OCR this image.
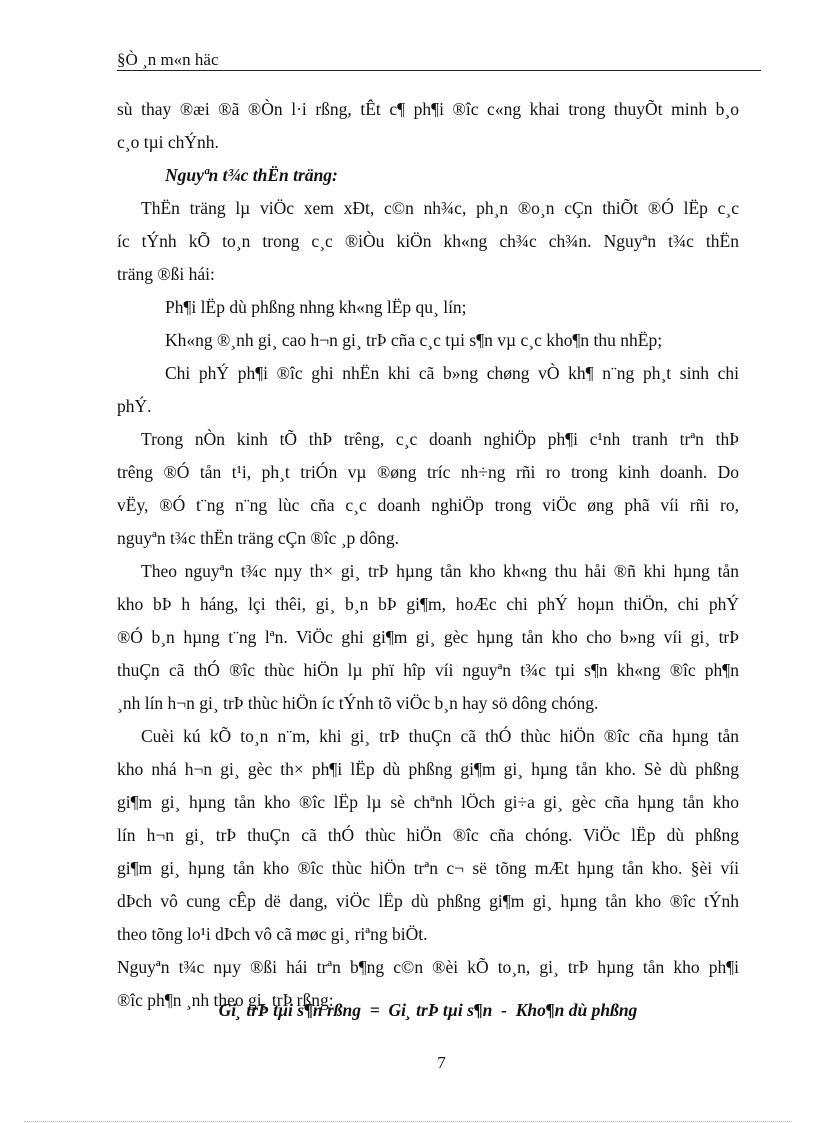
§Ò ¸n m«n häc
sù thay ®æi ®ã ®Òn l·i rßng, tÊt c¶ ph¶i ®îc c«ng khai trong thuyÕt minh b¸o
c¸o tµi chÝnh.
Nguyªn t¾c thËn träng:
ThËn träng lµ viÖc xem xÐt, c©n nh¾c, ph¸n ®o¸n cÇn thiÕt ®Ó lËp c¸c
íc tÝnh kÕ to¸n trong c¸c ®iÒu kiÖn kh«ng ch¾c ch¾n. Nguyªn t¾c thËn
träng ®ßi hái:
Ph¶i lËp dù phßng nhng kh«ng lËp qu¸ lín;
Kh«ng ®¸nh gi¸ cao h¬n gi¸ trÞ cña c¸c tµi s¶n vµ c¸c kho¶n thu nhËp;
Chi phÝ ph¶i ®îc ghi nhËn khi cã b»ng chøng vÒ kh¶ n¨ng ph¸t sinh chi
phÝ.
Trong nÒn kinh tÕ thÞ trêng, c¸c doanh nghiÖp ph¶i c¹nh tranh trªn thÞ
trêng ®Ó tån t¹i, ph¸t triÓn vµ ®øng tríc nh÷ng rñi ro trong kinh doanh. Do
vËy, ®Ó t¨ng n¨ng lùc cña c¸c doanh nghiÖp trong viÖc øng phã víi rñi ro,
nguyªn t¾c thËn träng cÇn ®îc ¸p dông.
Theo nguyªn t¾c nµy th× gi¸ trÞ hµng tån kho kh«ng thu håi ®ñ khi hµng tån
kho bÞ h háng, lçi thêi, gi¸ b¸n bÞ gi¶m, hoÆc chi phÝ hoµn thiÖn, chi phÝ
®Ó b¸n hµng t¨ng lªn. ViÖc ghi gi¶m gi¸ gèc hµng tån kho cho b»ng víi gi¸ trÞ
thuÇn cã thÓ ®îc thùc hiÖn lµ phï hîp víi nguyªn t¾c tµi s¶n kh«ng ®îc ph¶n
¸nh lín h¬n gi¸ trÞ thùc hiÖn íc tÝnh tõ viÖc b¸n hay sö dông chóng.
Cuèi kú kÕ to¸n n¨m, khi gi¸ trÞ thuÇn cã thÓ thùc hiÖn ®îc cña hµng tån
kho nhá h¬n gi¸ gèc th× ph¶i lËp dù phßng gi¶m gi¸ hµng tån kho. Sè dù phßng
gi¶m gi¸ hµng tån kho ®îc lËp lµ sè chªnh lÖch gi÷a gi¸ gèc cña hµng tån kho
lín h¬n gi¸ trÞ thuÇn cã thÓ thùc hiÖn ®îc cña chóng. ViÖc lËp dù phßng
gi¶m gi¸ hµng tån kho ®îc thùc hiÖn trªn c¬ së tõng mÆt hµng tån kho. §èi víi
dÞch vô cung cÊp dë dang, viÖc lËp dù phßng gi¶m gi¸ hµng tån kho ®îc tÝnh
theo tõng lo¹i dÞch vô cã møc gi¸ riªng biÖt.
Nguyªn t¾c nµy ®ßi hái trªn b¶ng c©n ®èi kÕ to¸n, gi¸ trÞ hµng tån kho ph¶i
®îc ph¶n ¸nh theo gi¸ trÞ rßng:
Gi¸ trÞ tµi s¶n rßng  =  Gi¸ trÞ tµi s¶n  -  Kho¶n dù phßng
7
